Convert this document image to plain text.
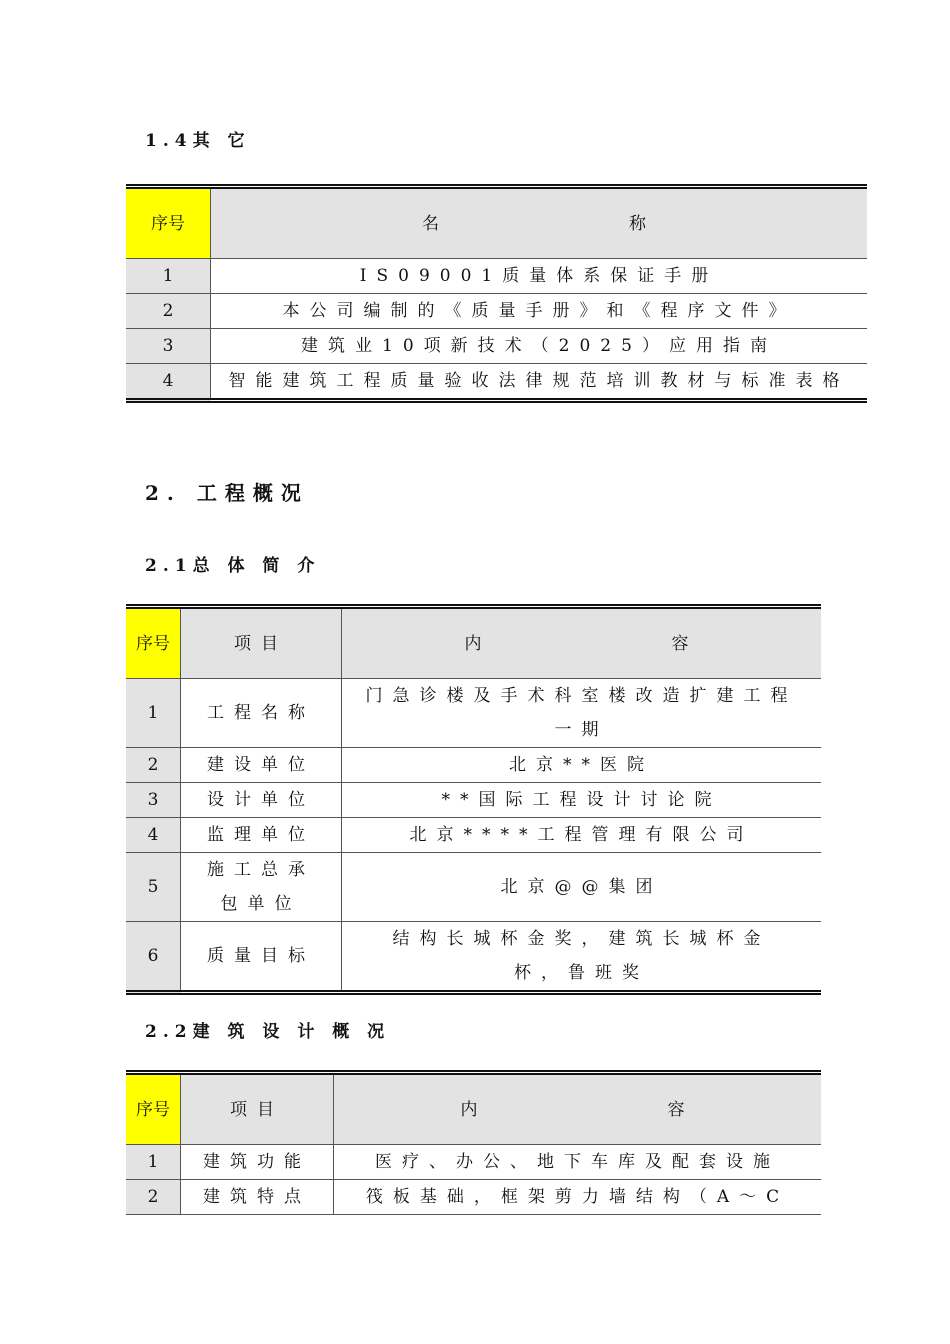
1.4其 它
序号	名 称
1	IS09001质量体系保证手册
2	本公司编制的《质量手册》和《程序文件》
3	建筑业10项新技术（2025）应用指南
4	智能建筑工程质量验收法律规范培训教材与标准表格
2. 工程概况
2.1总 体 简 介
序号	项目	内 容
1	工程名称	门急诊楼及手术科室楼改造扩建工程一期
2	建设单位	北京**医院
3	设计单位	**国际工程设计讨论院
4	监理单位	北京****工程管理有限公司
5	施工总承包单位	北京@@集团
6	质量目标	结构长城杯金奖，建筑长城杯金杯，鲁班奖
2.2建 筑 设 计 概 况
序号	项目	内 容
1	建筑功能	医疗、办公、地下车库及配套设施
2	建筑特点	筏板基础，框架剪力墙结构（A～C
